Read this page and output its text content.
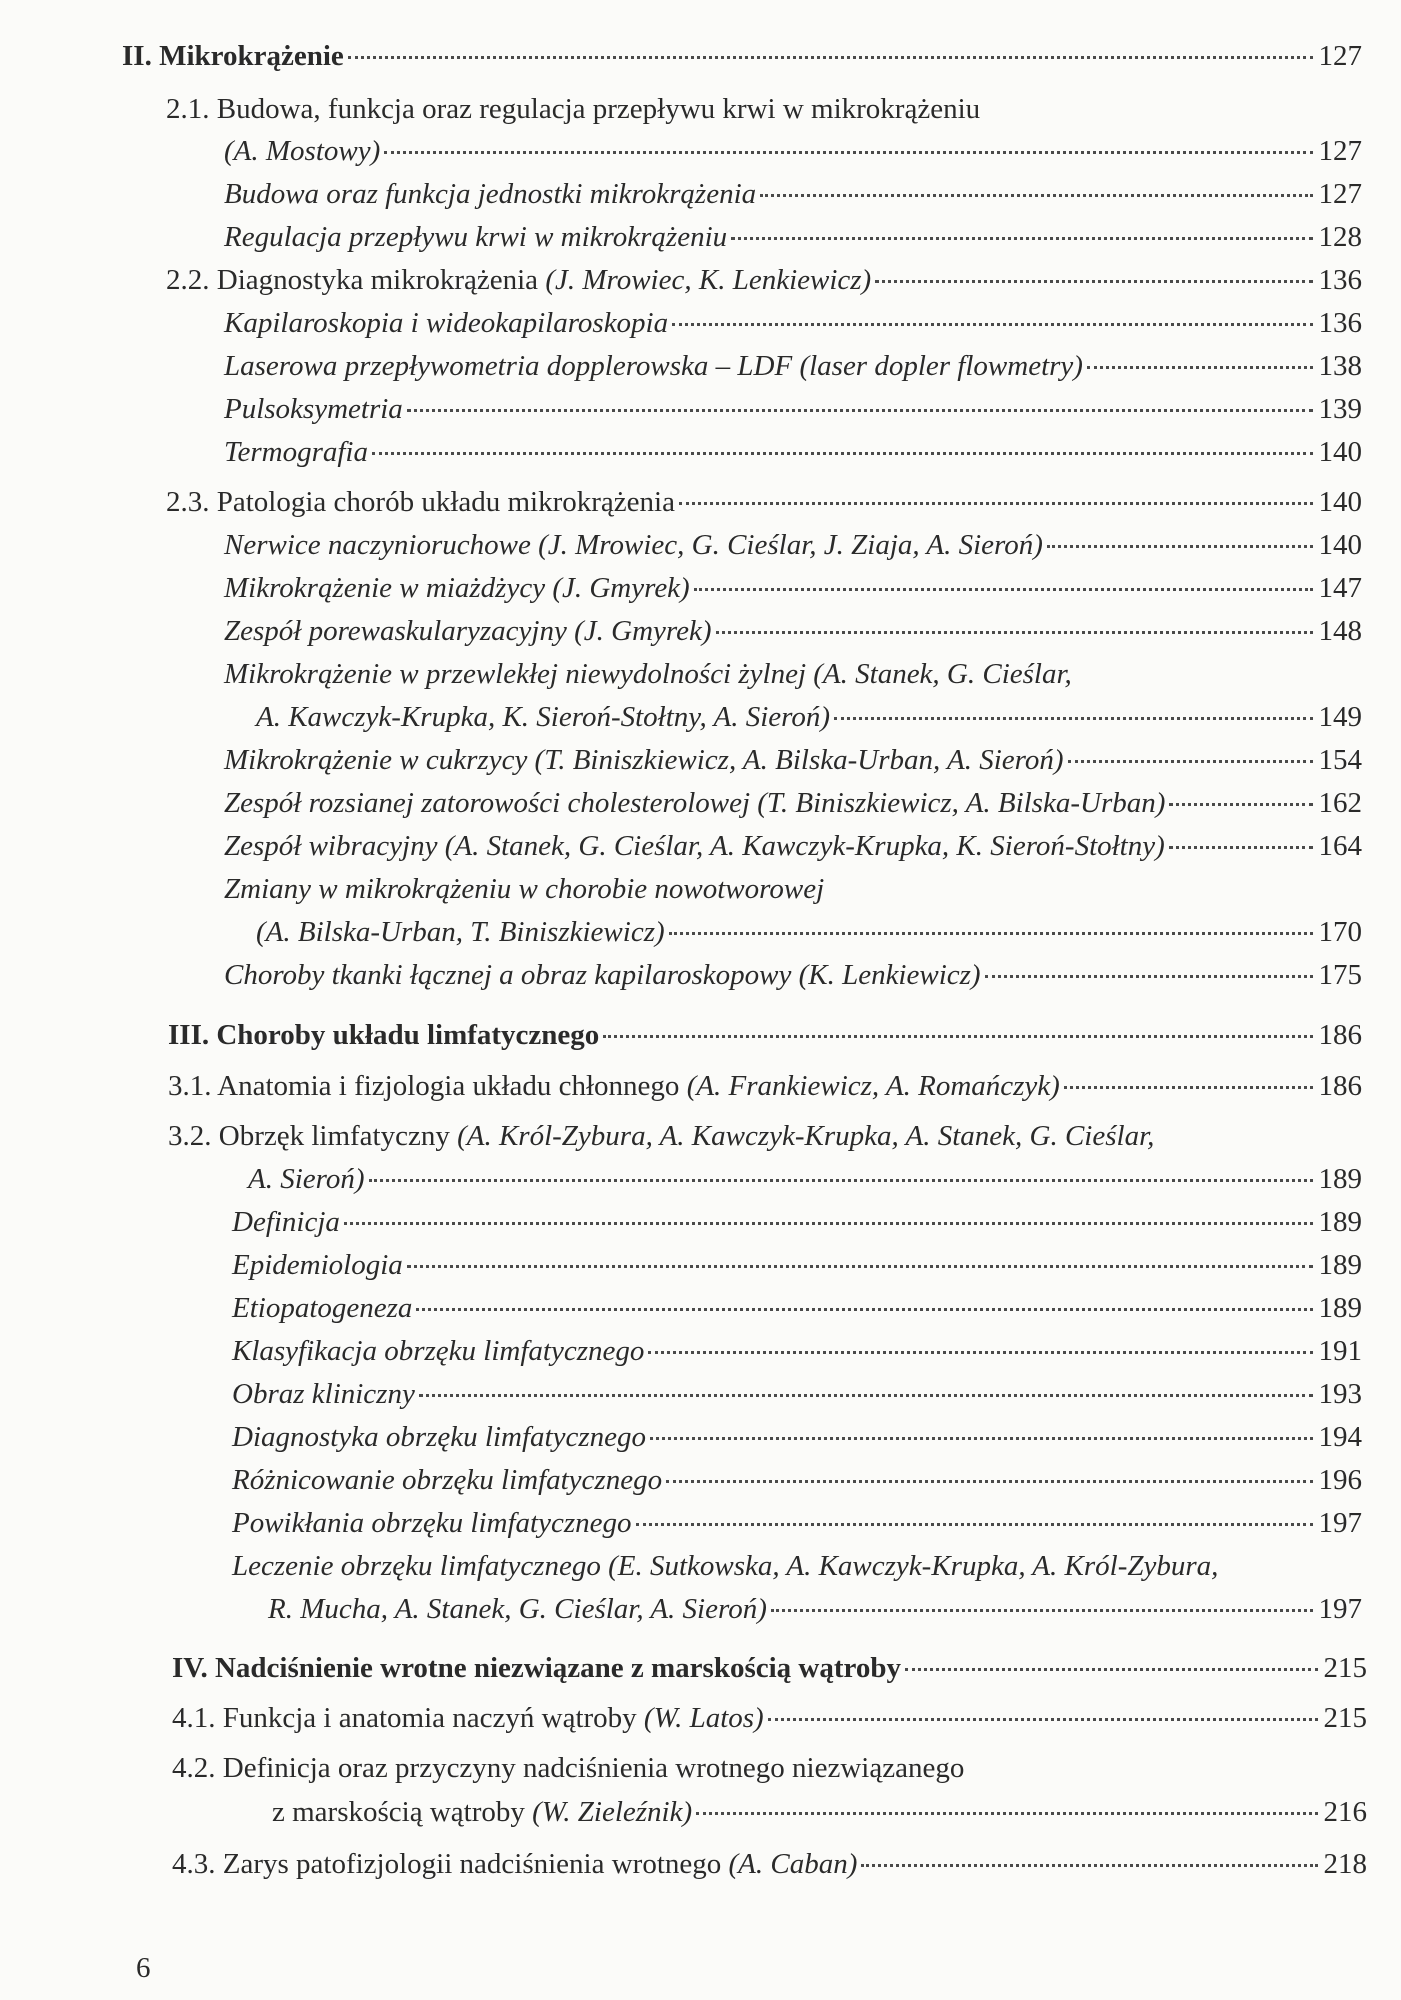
II. Mikrokrążenie	127
2.1. Budowa, funkcja oraz regulacja przepływu krwi w mikrokrążeniu
(A. Mostowy)	127
Budowa oraz funkcja jednostki mikrokrążenia	127
Regulacja przepływu krwi w mikrokrążeniu	128
2.2. Diagnostyka mikrokrążenia
(J. Mrowiec, K. Lenkiewicz)	136
Kapilaroskopia i wideokapilaroskopia	136
Laserowa przepływometria dopplerowska – LDF (laser dopler flowmetry)	138
Pulsoksymetria	139
Termografia	140
2.3. Patologia chorób układu mikrokrążenia	140
Nerwice naczynioruchowe (J. Mrowiec, G. Cieślar, J. Ziaja, A. Sieroń)	140
Mikrokrążenie w miażdżycy (J. Gmyrek)	147
Zespół porewaskularyzacyjny (J. Gmyrek)	148
Mikrokrążenie w przewlekłej niewydolności żylnej (A. Stanek, G. Cieślar,
A. Kawczyk-Krupka, K. Sieroń-Stołtny, A. Sieroń)	149
Mikrokrążenie w cukrzycy (T. Biniszkiewicz, A. Bilska-Urban, A. Sieroń)	154
Zespół rozsianej zatorowości cholesterolowej (T. Biniszkiewicz, A. Bilska-Urban)	162
Zespół wibracyjny (A. Stanek, G. Cieślar, A. Kawczyk-Krupka, K. Sieroń-Stołtny)	164
Zmiany w mikrokrążeniu w chorobie nowotworowej
(A. Bilska-Urban, T. Biniszkiewicz)	170
Choroby tkanki łącznej a obraz kapilaroskopowy (K. Lenkiewicz)	175
III. Choroby układu limfatycznego	186
3.1. Anatomia i fizjologia układu chłonnego
(A. Frankiewicz, A. Romańczyk)	186
3.2. Obrzęk limfatyczny
(A. Król-Zybura, A. Kawczyk-Krupka, A. Stanek, G. Cieślar,
A. Sieroń)	189
Definicja	189
Epidemiologia	189
Etiopatogeneza	189
Klasyfikacja obrzęku limfatycznego	191
Obraz kliniczny	193
Diagnostyka obrzęku limfatycznego	194
Różnicowanie obrzęku limfatycznego	196
Powikłania obrzęku limfatycznego	197
Leczenie obrzęku limfatycznego (E. Sutkowska, A. Kawczyk-Krupka, A. Król-Zybura,
R. Mucha, A. Stanek, G. Cieślar, A. Sieroń)	197
IV. Nadciśnienie wrotne niezwiązane z marskością wątroby	215
4.1. Funkcja i anatomia naczyń wątroby
(W. Latos)	215
4.2. Definicja oraz przyczyny nadciśnienia wrotnego niezwiązanego
z marskością wątroby
(W. Zieleźnik)	216
4.3. Zarys patofizjologii nadciśnienia wrotnego
(A. Caban)	218
6
